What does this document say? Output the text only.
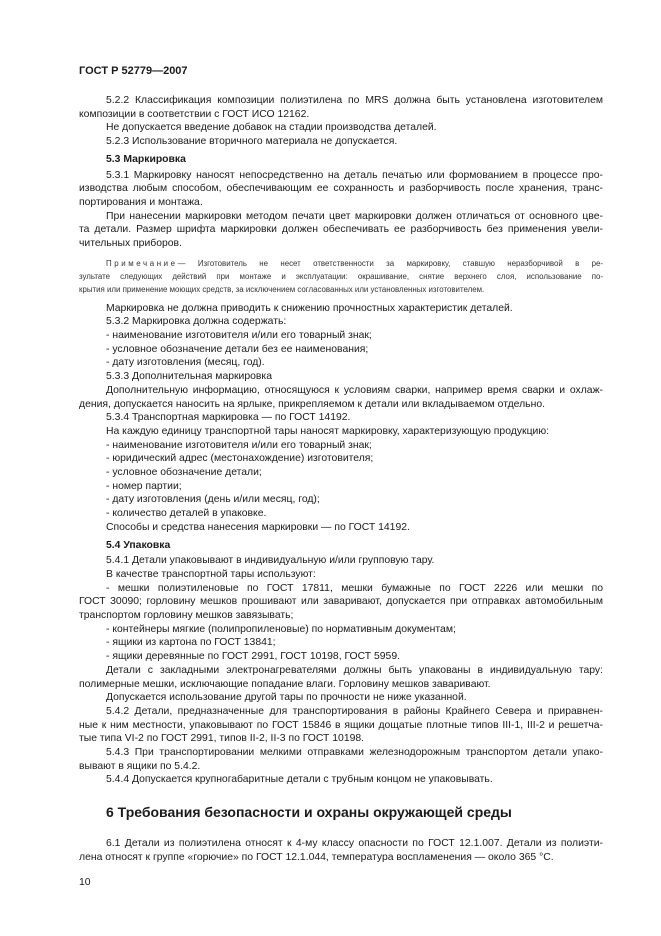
ГОСТ Р 52779—2007
5.2.2 Классификация композиции полиэтилена по MRS должна быть установлена изготовителем
композиции в соответствии с ГОСТ ИСО 12162.
Не допускается введение добавок на стадии производства деталей.
5.2.3 Использование вторичного материала не допускается.
5.3 Маркировка
5.3.1 Маркировку наносят непосредственно на деталь печатью или формованием в процессе про-
изводства любым способом, обеспечивающим ее сохранность и разборчивость после хранения, транс-
портирования и монтажа.
При нанесении маркировки методом печати цвет маркировки должен отличаться от основного цве-
та детали. Размер шрифта маркировки должен обеспечивать ее разборчивость без применения увели-
чительных приборов.
Примечание— Изготовитель не несет ответственности за маркировку, ставшую неразборчивой в ре-
зультате следующих действий при монтаже и эксплуатации: окрашивание, снятие верхнего слоя, использование по-
крытия или применение моющих средств, за исключением согласованных или установленных изготовителем.
Маркировка не должна приводить к снижению прочностных характеристик деталей.
5.3.2 Маркировка должна содержать:
- наименование изготовителя и/или его товарный знак;
- условное обозначение детали без ее наименования;
- дату изготовления (месяц, год).
5.3.3 Дополнительная маркировка
Дополнительную информацию, относящуюся к условиям сварки, например время сварки и охлаж-
дения, допускается наносить на ярлыке, прикрепляемом к детали или вкладываемом отдельно.
5.3.4 Транспортная маркировка — по ГОСТ 14192.
На каждую единицу транспортной тары наносят маркировку, характеризующую продукцию:
- наименование изготовителя и/или его товарный знак;
- юридический адрес (местонахождение) изготовителя;
- условное обозначение детали;
- номер партии;
- дату изготовления (день и/или месяц, год);
- количество деталей в упаковке.
Способы и средства нанесения маркировки — по ГОСТ 14192.
5.4 Упаковка
5.4.1 Детали упаковывают в индивидуальную и/или групповую тару.
В качестве транспортной тары используют:
- мешки полиэтиленовые по ГОСТ 17811, мешки бумажные по ГОСТ 2226 или мешки по
ГОСТ 30090; горловину мешков прошивают или заваривают, допускается при отправках автомобильным
транспортом горловину мешков завязывать;
- контейнеры мягкие (полипропиленовые) по нормативным документам;
- ящики из картона по ГОСТ 13841;
- ящики деревянные по ГОСТ 2991, ГОСТ 10198, ГОСТ 5959.
Детали с закладными электронагревателями должны быть упакованы в индивидуальную тару:
полимерные мешки, исключающие попадание влаги. Горловину мешков заваривают.
Допускается использование другой тары по прочности не ниже указанной.
5.4.2 Детали, предназначенные для транспортирования в районы Крайнего Севера и приравнен-
ные к ним местности, упаковывают по ГОСТ 15846 в ящики дощатые плотные типов III-1, III-2 и решетча-
тые типа VI-2 по ГОСТ 2991, типов II-2, II-3 по ГОСТ 10198.
5.4.3 При транспортировании мелкими отправками железнодорожным транспортом детали упако-
вывают в ящики по 5.4.2.
5.4.4 Допускается крупногабаритные детали с трубным концом не упаковывать.
6 Требования безопасности и охраны окружающей среды
6.1 Детали из полиэтилена относят к 4-му классу опасности по ГОСТ 12.1.007. Детали из полиэти-
лена относят к группе «горючие» по ГОСТ 12.1.044, температура воспламенения — около 365 °С.
10
